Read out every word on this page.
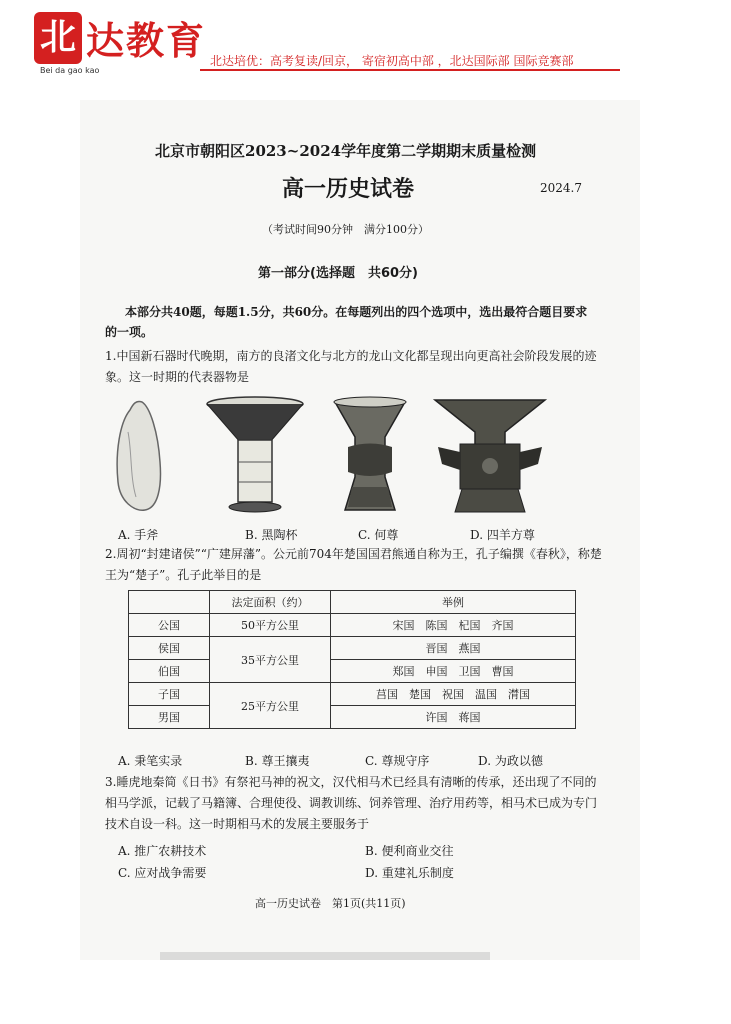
北 达教育
Bei da gao kao
北达培优：高考复读/回京， 寄宿初高中部 ，北达国际部 国际竞赛部
北京市朝阳区2023~2024学年度第二学期期末质量检测
高一历史试卷	2024.7
（考试时间90分钟　满分100分）
第一部分(选择题　共60分)
本部分共40题，每题1.5分，共60分。在每题列出的四个选项中，选出最符合题目要求的一项。
1.中国新石器时代晚期，南方的良渚文化与北方的龙山文化都呈现出向更高社会阶段发展的迹象。这一时期的代表器物是
A. 手斧	B. 黑陶杯	C. 何尊	D. 四羊方尊
2.周初“封建诸侯”“广建屏藩”。公元前704年楚国国君熊通自称为王，孔子编撰《春秋》，称楚王为“楚子”。孔子此举目的是
	法定面积（约）	举例
公国	50平方公里	宋国　陈国　杞国　齐国
侯国	35平方公里	晋国　燕国
伯国		郑国　申国　卫国　曹国
子国	25平方公里	莒国　楚国　祝国　温国　潸国
男国		许国　蒋国
A. 秉笔实录	B. 尊王攘夷	C. 尊规守序	D. 为政以德
3.睡虎地秦简《日书》有祭祀马神的祝文，汉代相马术已经具有清晰的传承，还出现了不同的相马学派，记载了马籍簿、合理使役、调教训练、饲养管理、治疗用药等，相马术已成为专门技术自设一科。这一时期相马术的发展主要服务于
A. 推广农耕技术	B. 便利商业交往
C. 应对战争需要	D. 重建礼乐制度
高一历史试卷　第1页(共11页)
